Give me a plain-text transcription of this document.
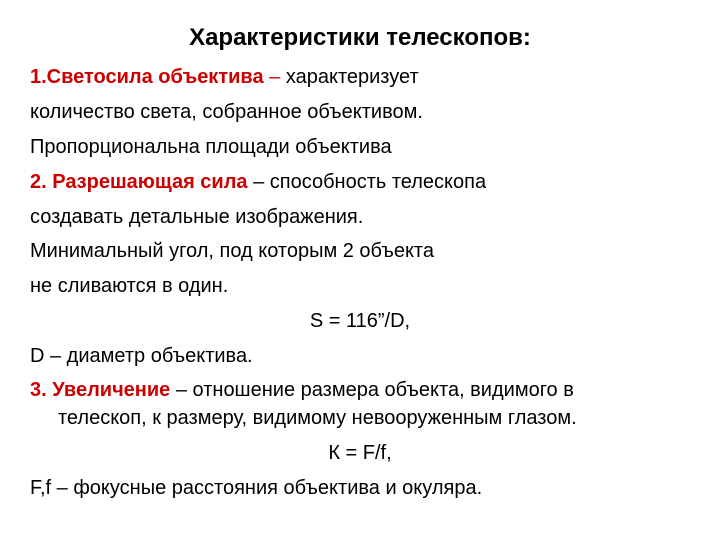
Характеристики телескопов:
1.Светосила объектива – характеризует
количество света, собранное объективом.
Пропорциональна площади объектива
2. Разрешающая сила – способность телескопа
создавать детальные изображения.
Минимальный угол, под которым 2 объекта
не сливаются в один.
S = 116”/D,
D – диаметр объектива.
3. Увеличение – отношение размера объекта, видимого в
телескоп, к размеру, видимому невооруженным глазом.
К = F/f,
F,f – фокусные расстояния объектива и окуляра.
